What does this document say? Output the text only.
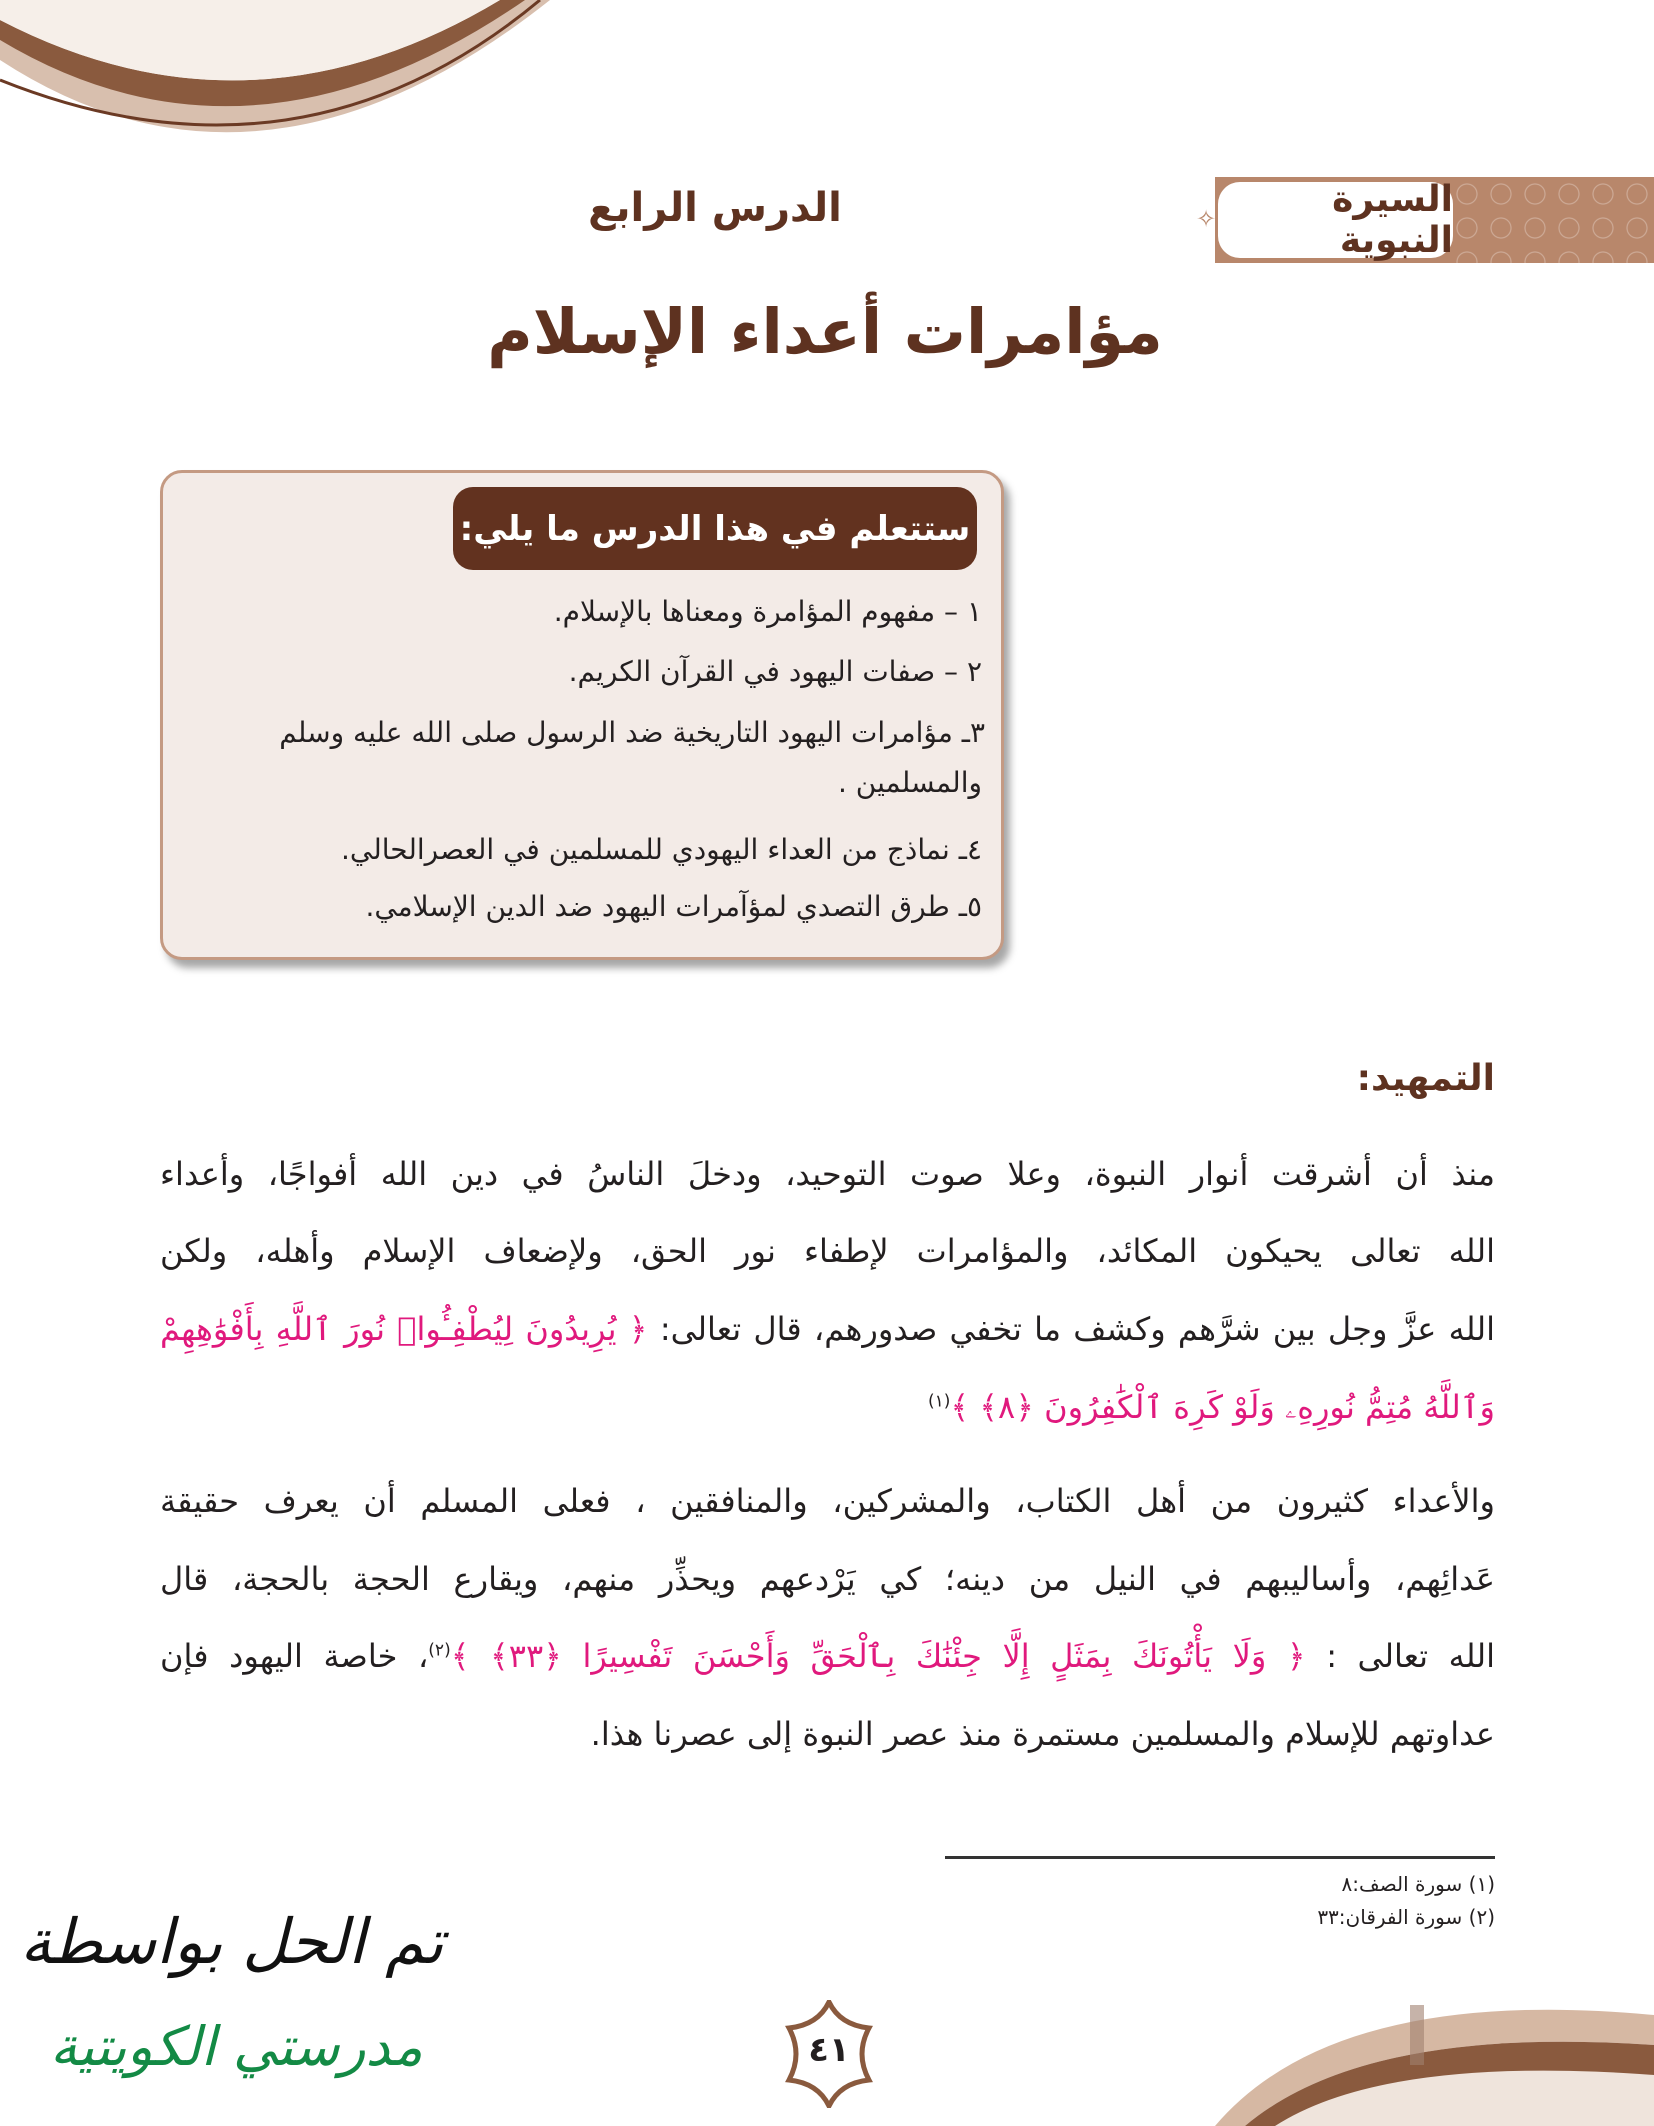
السيرة النبوية
✧
الدرس الرابع
مؤامرات أعداء الإسلام
ستتعلم في هذا الدرس ما يلي:
١ – مفهوم المؤامرة ومعناها بالإسلام.
٢ – صفات اليهود في القرآن الكريم.
٣ـ مؤامرات اليهود التاريخية ضد الرسول صلى الله عليه وسلم
والمسلمين .
٤ـ نماذج من العداء اليهودي للمسلمين في العصرالحالي.
٥ـ طرق التصدي لمؤآمرات اليهود ضد الدين الإسلامي.
التمهيد:
منذ أن أشرقت أنوار النبوة، وعلا صوت التوحيد، ودخلَ الناسُ في دين الله أفواجًا، وأعداء
الله تعالى يحيكون المكائد، والمؤامرات لإطفاء نور الحق، ولإضعاف الإسلام وأهله، ولكن
الله عزَّ وجل بين شرَّهم وكشف ما تخفي صدورهم، قال تعالى: ﴿ يُرِيدُونَ لِيُطْفِـُٔوا۟ نُورَ ٱللَّهِ بِأَفْوَٰهِهِمْ
وَٱللَّهُ مُتِمُّ نُورِهِۦ وَلَوْ كَرِهَ ٱلْكَٰفِرُونَ ﴿٨﴾ ﴾$^{(١)}$
والأعداء كثيرون من أهل الكتاب، والمشركين، والمنافقين ، فعلى المسلم أن يعرف حقيقة
عَدائِهم، وأساليبهم في النيل من دينه؛ كي يَرْدعهم ويحذِّر منهم، ويقارع الحجة بالحجة، قال
الله تعالى : ﴿ وَلَا يَأْتُونَكَ بِمَثَلٍ إِلَّا جِئْنَٰكَ بِٱلْحَقِّ وَأَحْسَنَ تَفْسِيرًا ﴿٣٣﴾ ﴾$^{(٢)}$، خاصة اليهود فإن
عداوتهم للإسلام والمسلمين مستمرة منذ عصر النبوة إلى عصرنا هذا.
(١) سورة الصف:٨
(٢) سورة الفرقان:٣٣
تم الحل بواسطة
مدرستي الكويتية	٤١
